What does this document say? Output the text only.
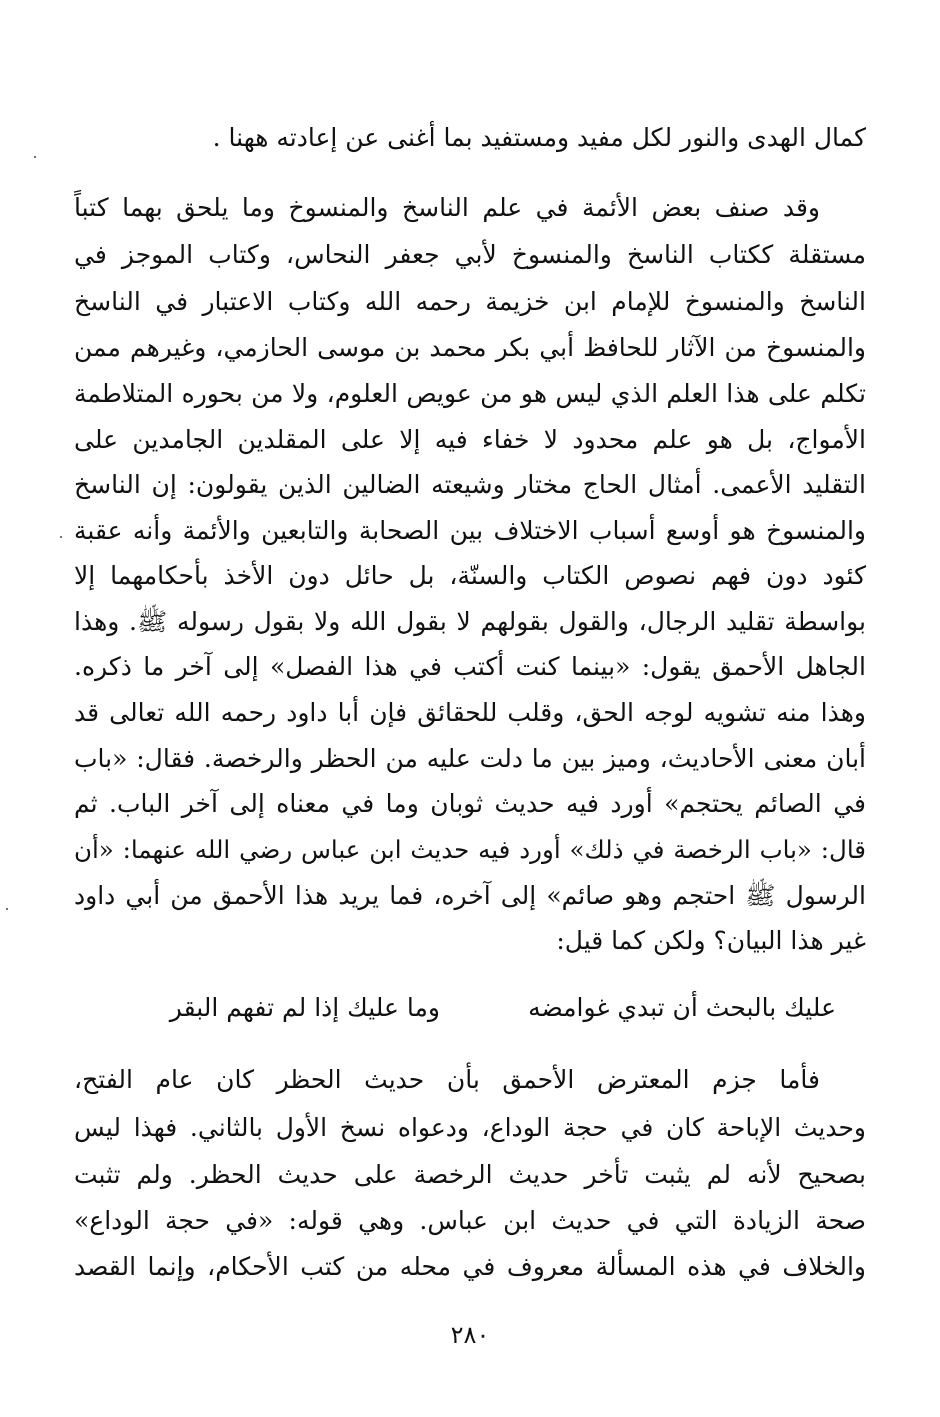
كمال الهدى والنور لكل مفيد ومستفيد بما أغنى عن إعادته ههنا .
وقد صنف بعض الأئمة في علم الناسخ والمنسوخ وما يلحق بهما كتباً
مستقلة ككتاب الناسخ والمنسوخ لأبي جعفر النحاس، وكتاب الموجز في
الناسخ والمنسوخ للإمام ابن خزيمة رحمه الله وكتاب الاعتبار في الناسخ
والمنسوخ من الآثار للحافظ أبي بكر محمد بن موسى الحازمي، وغيرهم ممن
تكلم على هذا العلم الذي ليس هو من عويص العلوم، ولا من بحوره المتلاطمة
الأمواج، بل هو علم محدود لا خفاء فيه إلا على المقلدين الجامدين على
التقليد الأعمى. أمثال الحاج مختار وشيعته الضالين الذين يقولون: إن الناسخ
والمنسوخ هو أوسع أسباب الاختلاف بين الصحابة والتابعين والأئمة وأنه عقبة
كئود دون فهم نصوص الكتاب والسنّة، بل حائل دون الأخذ بأحكامهما إلا
بواسطة تقليد الرجال، والقول بقولهم لا بقول الله ولا بقول رسوله ﷺ. وهذا
الجاهل الأحمق يقول: «بينما كنت أكتب في هذا الفصل» إلى آخر ما ذكره.
وهذا منه تشويه لوجه الحق، وقلب للحقائق فإن أبا داود رحمه الله تعالى قد
أبان معنى الأحاديث، وميز بين ما دلت عليه من الحظر والرخصة. فقال: «باب
في الصائم يحتجم» أورد فيه حديث ثوبان وما في معناه إلى آخر الباب. ثم
قال: «باب الرخصة في ذلك» أورد فيه حديث ابن عباس رضي الله عنهما: «أن
الرسول ﷺ احتجم وهو صائم» إلى آخره، فما يريد هذا الأحمق من أبي داود
غير هذا البيان؟ ولكن كما قيل:
عليك بالبحث أن تبدي غوامضه
وما عليك إذا لم تفهم البقر
فأما جزم المعترض الأحمق بأن حديث الحظر كان عام الفتح،
وحديث الإباحة كان في حجة الوداع، ودعواه نسخ الأول بالثاني. فهذا ليس
بصحيح لأنه لم يثبت تأخر حديث الرخصة على حديث الحظر. ولم تثبت
صحة الزيادة التي في حديث ابن عباس. وهي قوله: «في حجة الوداع»
والخلاف في هذه المسألة معروف في محله من كتب الأحكام، وإنما القصد
٢٨٠
